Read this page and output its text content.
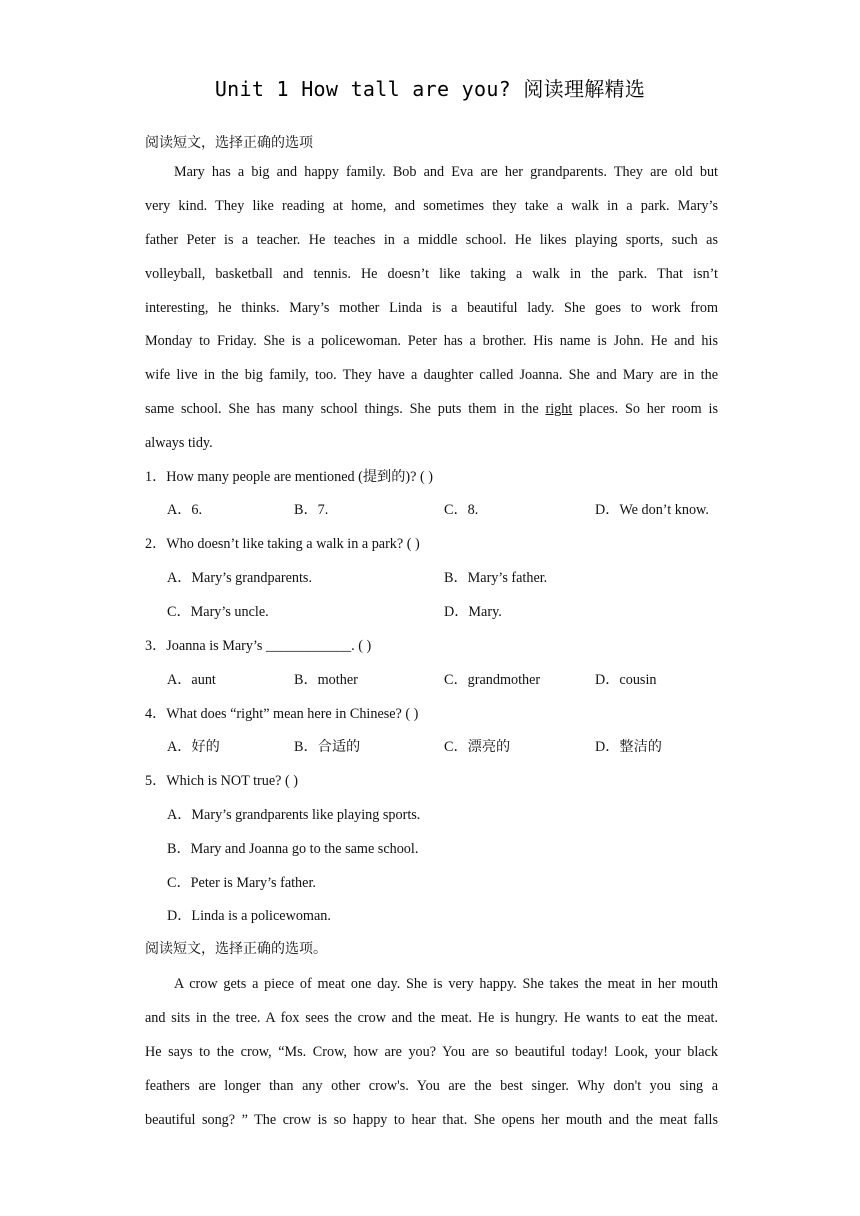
Unit 1 How tall are you? 阅读理解精选
阅读短文，选择正确的选项
Mary has a big and happy family. Bob and Eva are her grandparents. They are old but
very kind. They like reading at home, and sometimes they take a walk in a park. Mary’s
father Peter is a teacher. He teaches in a middle school. He likes playing sports, such as
volleyball, basketball and tennis. He doesn’t like taking a walk in the park. That isn’t
interesting, he thinks. Mary’s mother Linda is a beautiful lady. She goes to work from
Monday to Friday. She is a policewoman. Peter has a brother. His name is John. He and his
wife live in the big family, too. They have a daughter called Joanna. She and Mary are in the
same school. She has many school things. She puts them in the right places. So her room is
always tidy.
1．How many people are mentioned (提到的)? ( )
A．6.	B．7.	C．8.	D．We don’t know.
2．Who doesn’t like taking a walk in a park? ( )
A．Mary’s grandparents.	B．Mary’s father.
C．Mary’s uncle.	D．Mary.
3．Joanna is Mary’s ____________. ( )
A．aunt	B．mother	C．grandmother	D．cousin
4．What does “right” mean here in Chinese? ( )
A．好的	B．合适的	C．漂亮的	D．整洁的
5．Which is NOT true? ( )
A．Mary’s grandparents like playing sports.
B．Mary and Joanna go to the same school.
C．Peter is Mary’s father.
D．Linda is a policewoman.
阅读短文，选择正确的选项。
A crow gets a piece of meat one day. She is very happy. She takes the meat in her mouth
and sits in the tree. A fox sees the crow and the meat. He is hungry. He wants to eat the meat.
He says to the crow, “Ms. Crow, how are you? You are so beautiful today! Look, your black
feathers are longer than any other crow's. You are the best singer. Why don't you sing a
beautiful song? ” The crow is so happy to hear that. She opens her mouth and the meat falls
